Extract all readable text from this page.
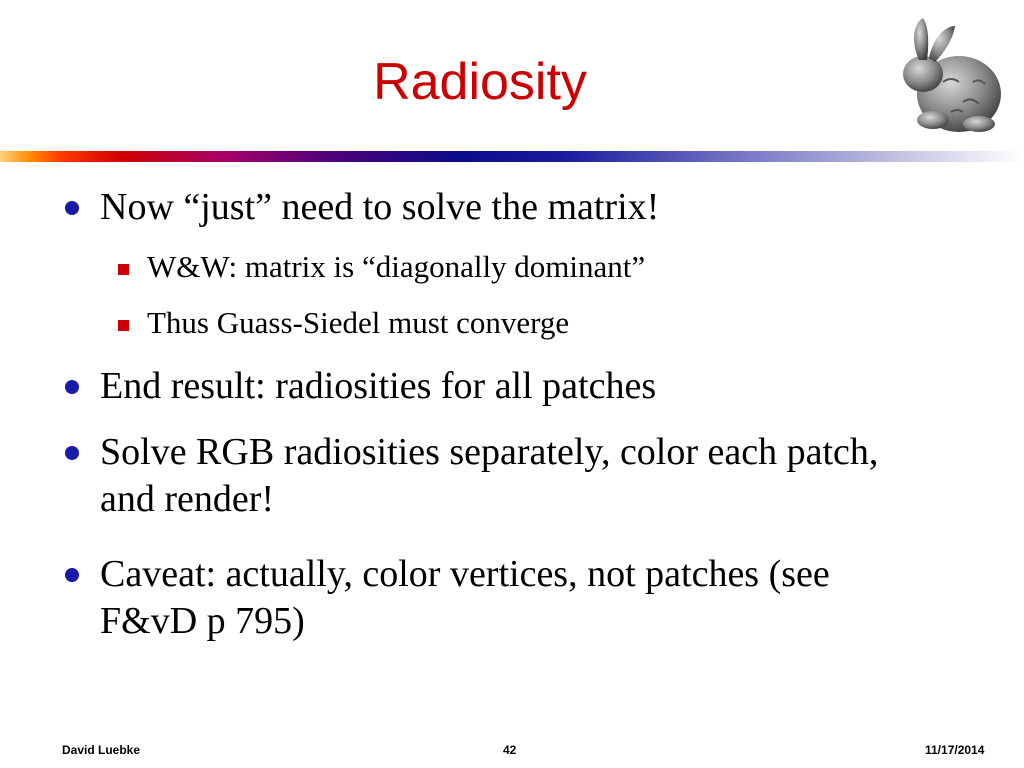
Radiosity
Now “just” need to solve the matrix!
W&W: matrix is “diagonally dominant”
Thus Guass-Siedel must converge
End result: radiosities for all patches
Solve RGB radiosities separately, color each patch, and render!
Caveat: actually, color vertices, not patches (see F&vD p 795)
David Luebke	42	11/17/2014
